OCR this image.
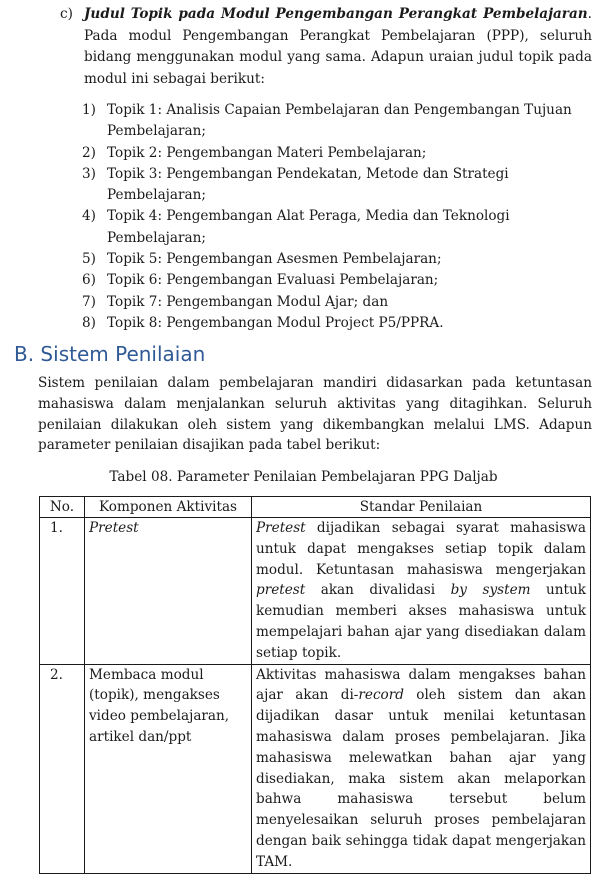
c) Judul Topik pada Modul Pengembangan Perangkat Pembelajaran. Pada modul Pengembangan Perangkat Pembelajaran (PPP), seluruh bidang menggunakan modul yang sama. Adapun uraian judul topik pada modul ini sebagai berikut:
1) Topik 1: Analisis Capaian Pembelajaran dan Pengembangan Tujuan Pembelajaran;
2) Topik 2: Pengembangan Materi Pembelajaran;
3) Topik 3: Pengembangan Pendekatan, Metode dan Strategi Pembelajaran;
4) Topik 4: Pengembangan Alat Peraga, Media dan Teknologi Pembelajaran;
5) Topik 5: Pengembangan Asesmen Pembelajaran;
6) Topik 6: Pengembangan Evaluasi Pembelajaran;
7) Topik 7: Pengembangan Modul Ajar; dan
8) Topik 8: Pengembangan Modul Project P5/PPRA.
B. Sistem Penilaian

Sistem penilaian dalam pembelajaran mandiri didasarkan pada ketuntasan mahasiswa dalam menjalankan seluruh aktivitas yang ditagihkan. Seluruh penilaian dilakukan oleh sistem yang dikembangkan melalui LMS. Adapun parameter penilaian disajikan pada tabel berikut:

Tabel 08. Parameter Penilaian Pembelajaran PPG Daljab
No.	Komponen Aktivitas	Standar Penilaian
1.	Pretest	Pretest dijadikan sebagai syarat mahasiswa untuk dapat mengakses setiap topik dalam modul. Ketuntasan mahasiswa mengerjakan pretest akan divalidasi by system untuk kemudian memberi akses mahasiswa untuk mempelajari bahan ajar yang disediakan dalam setiap topik.
2.	Membaca modul (topik), mengakses video pembelajaran, artikel dan/ppt	Aktivitas mahasiswa dalam mengakses bahan ajar akan di-record oleh sistem dan akan dijadikan dasar untuk menilai ketuntasan mahasiswa dalam proses pembelajaran. Jika mahasiswa melewatkan bahan ajar yang disediakan, maka sistem akan melaporkan bahwa mahasiswa tersebut belum menyelesaikan seluruh proses pembelajaran dengan baik sehingga tidak dapat mengerjakan TAM.
